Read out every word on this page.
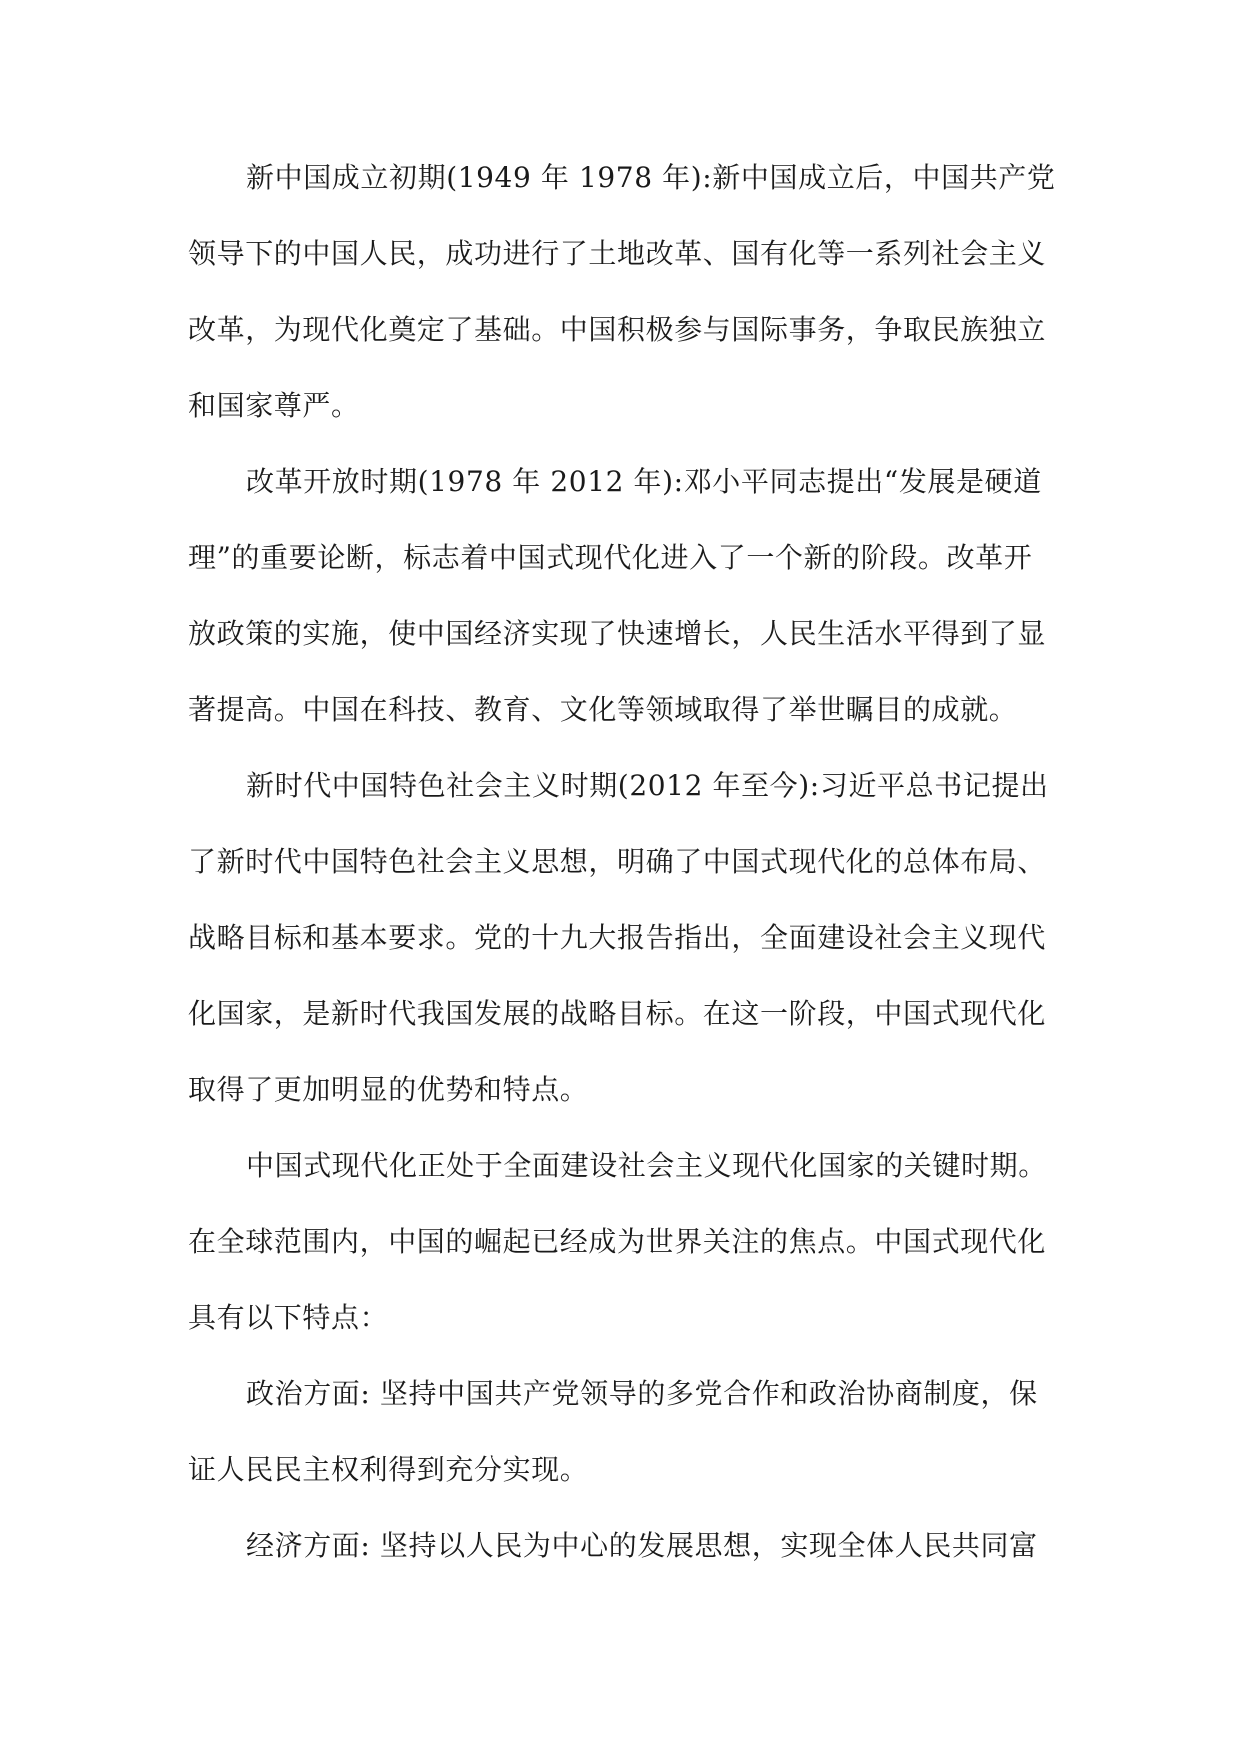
新中国成立初期(1949 年 1978 年):新中国成立后，中国共产党
领导下的中国人民，成功进行了土地改革、国有化等一系列社会主义
改革，为现代化奠定了基础。中国积极参与国际事务，争取民族独立
和国家尊严。

改革开放时期(1978 年 2012 年):邓小平同志提出“发展是硬道
理”的重要论断，标志着中国式现代化进入了一个新的阶段。改革开
放政策的实施，使中国经济实现了快速增长，人民生活水平得到了显
著提高。中国在科技、教育、文化等领域取得了举世瞩目的成就。

新时代中国特色社会主义时期(2012 年至今):习近平总书记提出
了新时代中国特色社会主义思想，明确了中国式现代化的总体布局、
战略目标和基本要求。党的十九大报告指出，全面建设社会主义现代
化国家，是新时代我国发展的战略目标。在这一阶段，中国式现代化
取得了更加明显的优势和特点。

中国式现代化正处于全面建设社会主义现代化国家的关键时期。
在全球范围内，中国的崛起已经成为世界关注的焦点。中国式现代化
具有以下特点：

政治方面: 坚持中国共产党领导的多党合作和政治协商制度，保
证人民民主权利得到充分实现。

经济方面: 坚持以人民为中心的发展思想，实现全体人民共同富
